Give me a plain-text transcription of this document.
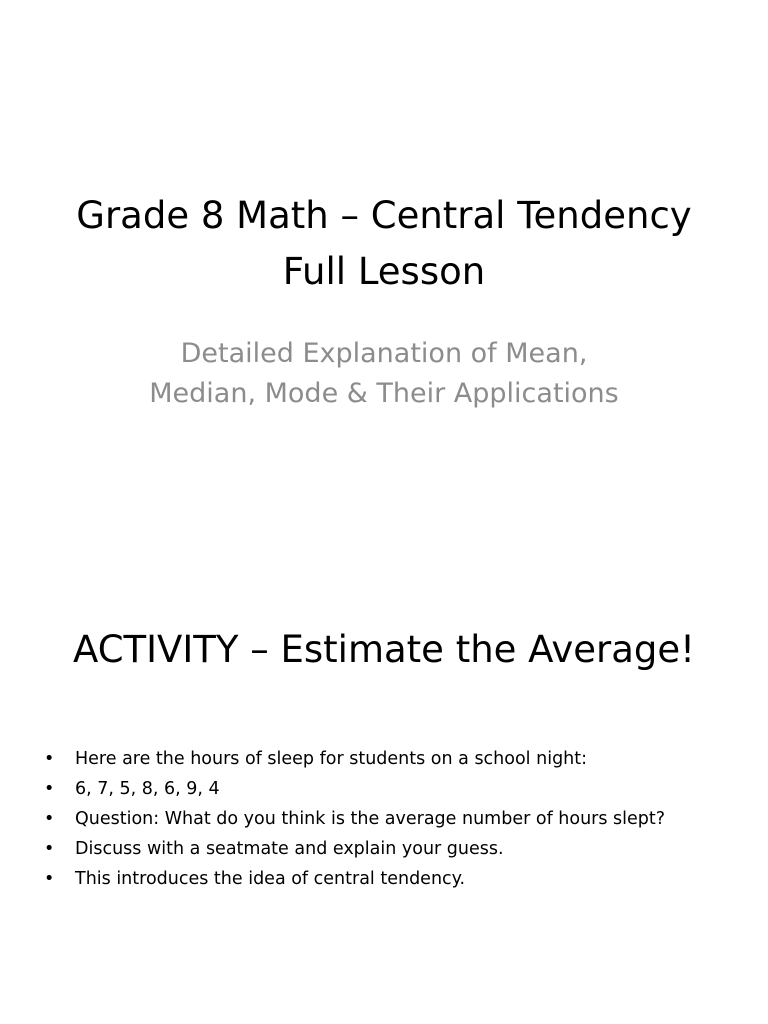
Grade 8 Math – Central Tendency
Full Lesson
Detailed Explanation of Mean,
Median, Mode & Their Applications
ACTIVITY – Estimate the Average!
• Here are the hours of sleep for students on a school night:
• 6, 7, 5, 8, 6, 9, 4
• Question: What do you think is the average number of hours slept?
• Discuss with a seatmate and explain your guess.
• This introduces the idea of central tendency.
